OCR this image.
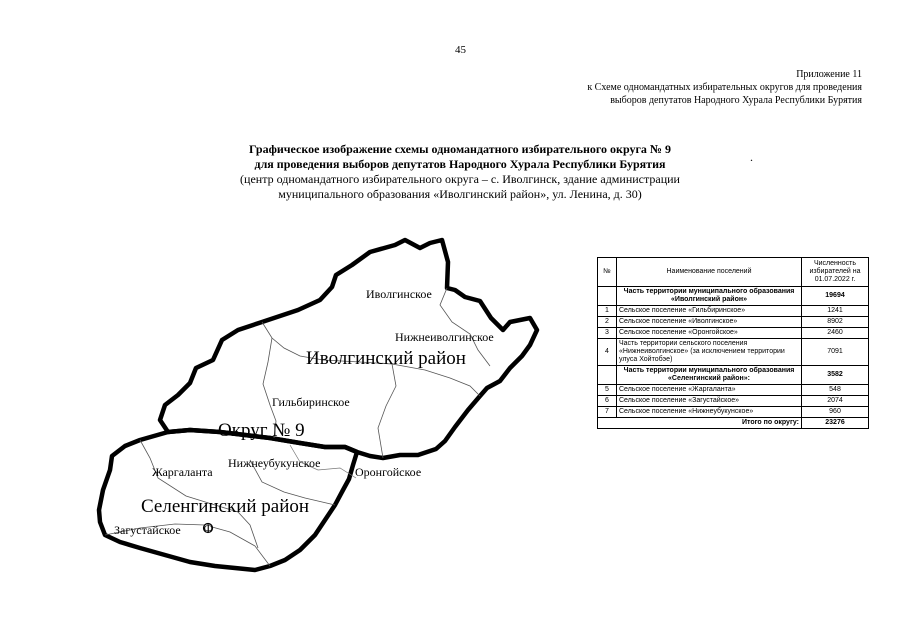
45
Приложение 11
к Схеме одномандатных избирательных округов для проведения
выборов депутатов Народного Хурала Республики Бурятия
Графическое изображение схемы одномандатного избирательного округа № 9
для проведения выборов депутатов Народного Хурала Республики Бурятия
(центр одномандатного избирательного округа – с. Иволгинск, здание администрации
муниципального образования «Иволгинский район», ул. Ленина, д. 30)
.
Иволгинское
Нижнеиволгинское
Иволгинский район
Гильбиринское
Округ № 9
Жаргаланта
Нижнеубукунское
Оронгойское
Селенгинский район
Загустайское Ф
№	Наименование поселений	Численность избирателей на 01.07.2022 г.
	Часть территории муниципального образования «Иволгинский район»	19694
1	Сельское поселение «Гильбиринское»	1241
2	Сельское поселение «Иволгинское»	8902
3	Сельское поселение «Оронгойское»	2460
4	Часть территории сельского поселения «Нижнеиволгинское» (за исключением территории улуса Хойтобэе)	7091
	Часть территории муниципального образования «Селенгинский район»:	3582
5	Сельское поселение «Жаргаланта»	548
6	Сельское поселение «Загустайское»	2074
7	Сельское поселение «Нижнеубукунское»	960
Итого по округу:		23276
